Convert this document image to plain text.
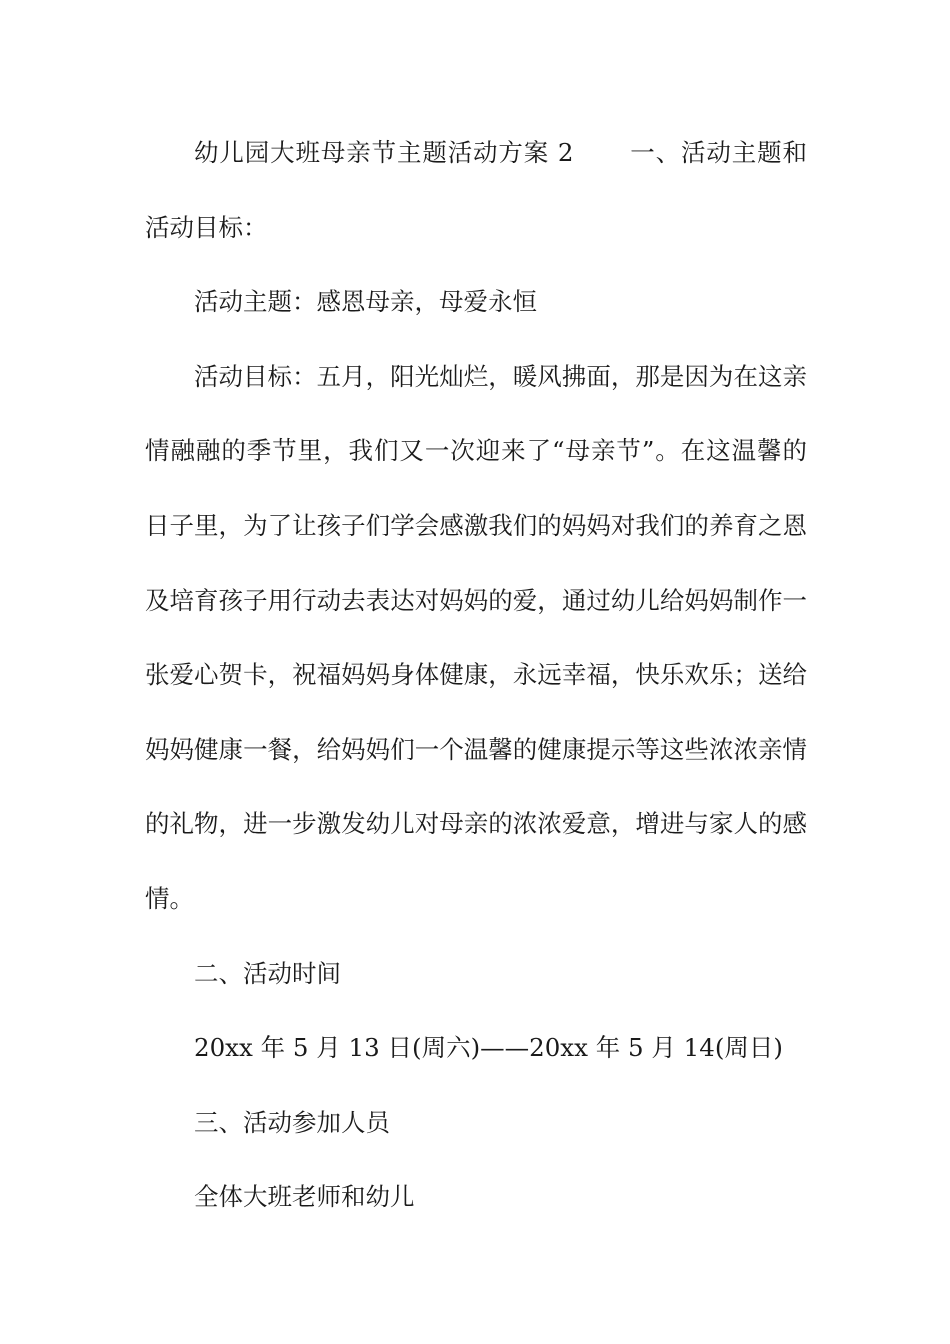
幼儿园大班母亲节主题活动方案 2 一、活动主题和活动目标：

活动主题：感恩母亲，母爱永恒

活动目标：五月，阳光灿烂，暖风拂面，那是因为在这亲情融融的季节里，我们又一次迎来了“母亲节”。在这温馨的日子里，为了让孩子们学会感激我们的妈妈对我们的养育之恩及培育孩子用行动去表达对妈妈的爱，通过幼儿给妈妈制作一张爱心贺卡，祝福妈妈身体健康，永远幸福，快乐欢乐；送给妈妈健康一餐，给妈妈们一个温馨的健康提示等这些浓浓亲情的礼物，进一步激发幼儿对母亲的浓浓爱意，增进与家人的感情。

二、活动时间

20xx 年 5 月 13 日(周六)——20xx 年 5 月 14(周日)

三、活动参加人员

全体大班老师和幼儿
